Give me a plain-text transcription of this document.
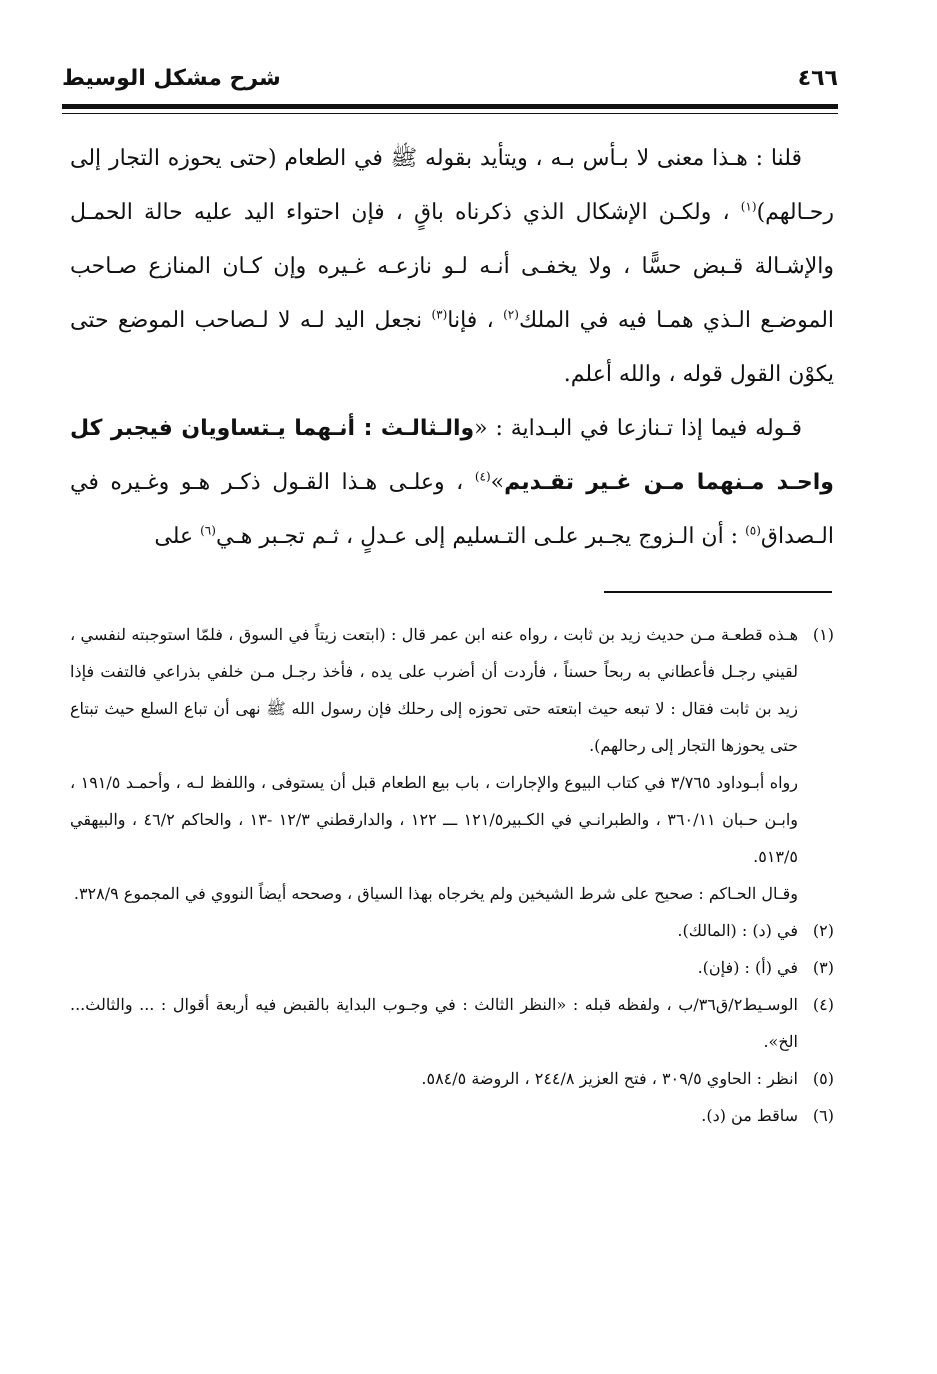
شرح مشكل الوسيط	٤٦٦

قلنا : هـذا معنى لا بـأس بـه ، ويتأيد بقوله ﷺ في الطعام (حتى يحوزه التجار إلى رحـالهم)$^{(١)}$ ، ولكـن الإشكال الذي ذكرناه باقٍ ، فإن احتواء اليد عليه حالة الحمـل والإشـالة قـبض حسًّا ، ولا يخفـى أنـه لـو نازعـه غـيره وإن كـان المنازع صـاحب الموضـع الـذي همـا فيه في الملك$^{(٢)}$ ، فإنا$^{(٣)}$ نجعل اليد لـه لا لـصاحب الموضع حتى يكوْن القول قوله ، والله أعلم.

قـوله فيما إذا تـنازعا في البـداية : «والـثالـث : أنـهما يـتساويان فيجبر كل واحـد مـنهما مـن غـير تقـديم»$^{(٤)}$ ، وعلـى هـذا القـول ذكـر هـو وغـيره في الـصداق$^{(٥)}$ : أن الـزوج يجـبر علـى التـسليم إلى عـدلٍ ، ثـم تجـبر هـي$^{(٦)}$ على

(١)
هـذه قطعـة مـن حديث زيد بن ثابت ، رواه عنه ابن عمر قال : (ابتعت زيتاً في السوق ، فلمّا استوجبته لنفسي ، لقيني رجـل فأعطاني به ربحاً حسناً ، فأردت أن أضرب على يده ، فأخذ رجـل مـن خلفي بذراعي فالتفت فإذا زيد بن ثابت فقال : لا تبعه حيث ابتعته حتى تحوزه إلى رحلك فإن رسول الله ﷺ نهى أن تباع السلع حيث تبتاع حتى يحوزها التجار إلى رحالهم).

رواه أبـوداود ٣/٧٦٥ في كتاب البيوع والإجارات ، باب بيع الطعام قبل أن يستوفى ، واللفظ لـه ، وأحمـد ١٩١/٥ ، وابـن حـبان ٣٦٠/١١ ، والطبرانـي في الكـبير١٢١/٥ ـــ ١٢٢ ، والدارقطني ١٢/٣ -١٣ ، والحاكم ٤٦/٢ ، والبيهقي ٥١٣/٥.

وقـال الحـاكم : صحيح على شرط الشيخين ولم يخرجاه بهذا السياق ، وصححه أيضاً النووي في المجموع ٣٢٨/٩.

(٢)
في (د) : (المالك).
(٣)
في (أ) : (فإن).
(٤)
الوسـيط٢/ق٣٦/ب ، ولفظه قبله : «النظر الثالث : في وجـوب البداية بالقبض فيه أربعة أقوال : ... والثالث... الخ».
(٥)
انظر : الحاوي ٣٠٩/٥ ، فتح العزيز ٢٤٤/٨ ، الروضة ٥٨٤/٥.
(٦)
ساقط من (د).
